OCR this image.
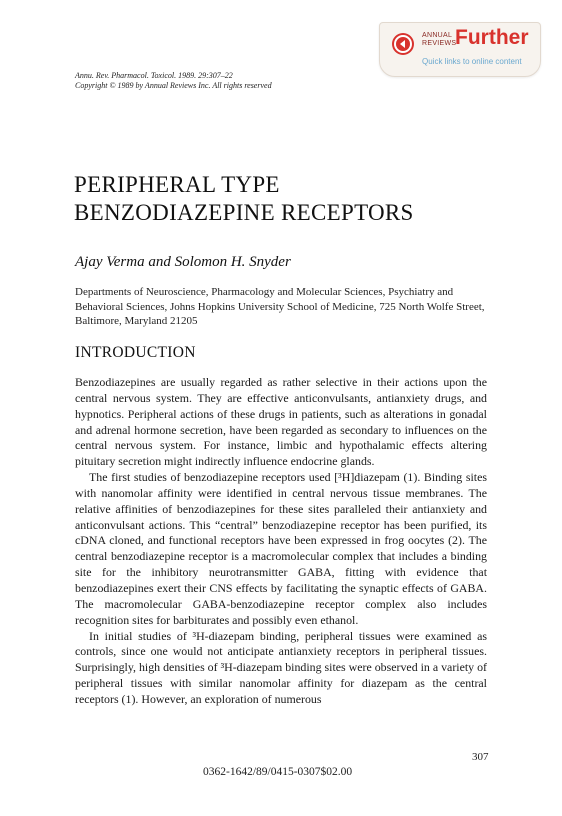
ANNUAL
REVIEWS
Further
Quick links to online content
Annu. Rev. Pharmacol. Toxicol. 1989. 29:307–22
Copyright © 1989 by Annual Reviews Inc. All rights reserved
PERIPHERAL TYPE
BENZODIAZEPINE RECEPTORS
Ajay Verma and Solomon H. Snyder
Departments of Neuroscience, Pharmacology and Molecular Sciences, Psychiatry and Behavioral Sciences, Johns Hopkins University School of Medicine, 725 North Wolfe Street, Baltimore, Maryland 21205
INTRODUCTION

Benzodiazepines are usually regarded as rather selective in their actions upon the central nervous system. They are effective anticonvulsants, antianxiety drugs, and hypnotics. Peripheral actions of these drugs in patients, such as alterations in gonadal and adrenal hormone secretion, have been regarded as secondary to influences on the central nervous system. For instance, limbic and hypothalamic effects altering pituitary secretion might indirectly influence endocrine glands.

The first studies of benzodiazepine receptors used [³H]diazepam (1). Binding sites with nanomolar affinity were identified in central nervous tissue membranes. The relative affinities of benzodiazepines for these sites paralleled their antianxiety and anticonvulsant actions. This “central” benzodiazepine receptor has been purified, its cDNA cloned, and functional receptors have been expressed in frog oocytes (2). The central benzodiazepine receptor is a macromolecular complex that includes a binding site for the inhibitory neurotransmitter GABA, fitting with evidence that benzodiazepines exert their CNS effects by facilitating the synaptic effects of GABA. The macromolecular GABA-benzodiazepine receptor complex also includes recognition sites for barbiturates and possibly even ethanol.

In initial studies of ³H-diazepam binding, peripheral tissues were examined as controls, since one would not anticipate antianxiety receptors in peripheral tissues. Surprisingly, high densities of ³H-diazepam binding sites were observed in a variety of peripheral tissues with similar nanomolar affinity for diazepam as the central receptors (1). However, an exploration of numerous

307
0362-1642/89/0415-0307$02.00
